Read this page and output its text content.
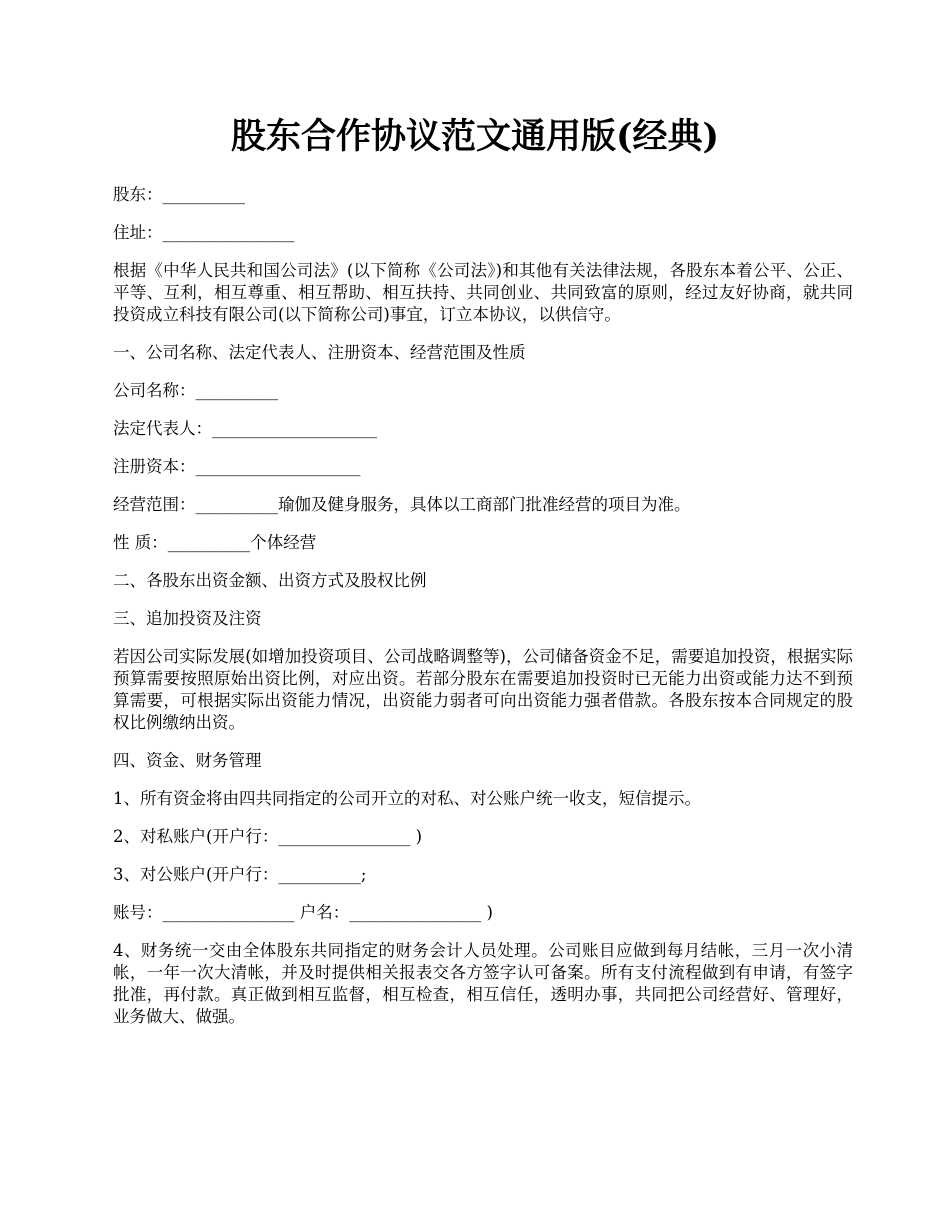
股东合作协议范文通用版(经典)

股东：__________

住址：________________

根据《中华人民共和国公司法》(以下简称《公司法》)和其他有关法律法规，各股东本着公平、公正、平等、互利，相互尊重、相互帮助、相互扶持、共同创业、共同致富的原则，经过友好协商，就共同投资成立科技有限公司(以下简称公司)事宜，订立本协议，以供信守。

一、公司名称、法定代表人、注册资本、经营范围及性质

公司名称：__________

法定代表人：____________________

注册资本：____________________

经营范围：__________瑜伽及健身服务，具体以工商部门批准经营的项目为准。

性 质：__________个体经营

二、各股东出资金额、出资方式及股权比例

三、追加投资及注资

若因公司实际发展(如增加投资项目、公司战略调整等)，公司储备资金不足，需要追加投资，根据实际预算需要按照原始出资比例，对应出资。若部分股东在需要追加投资时已无能力出资或能力达不到预算需要，可根据实际出资能力情况，出资能力弱者可向出资能力强者借款。各股东按本合同规定的股权比例缴纳出资。

四、资金、财务管理

1、所有资金将由四共同指定的公司开立的对私、对公账户统一收支，短信提示。

2、对私账户(开户行：________________ )

3、对公账户(开户行：__________;

账号：________________ 户名：________________ )

4、财务统一交由全体股东共同指定的财务会计人员处理。公司账目应做到每月结帐，三月一次小清帐，一年一次大清帐，并及时提供相关报表交各方签字认可备案。所有支付流程做到有申请，有签字批准，再付款。真正做到相互监督，相互检查，相互信任，透明办事，共同把公司经营好、管理好，业务做大、做强。
